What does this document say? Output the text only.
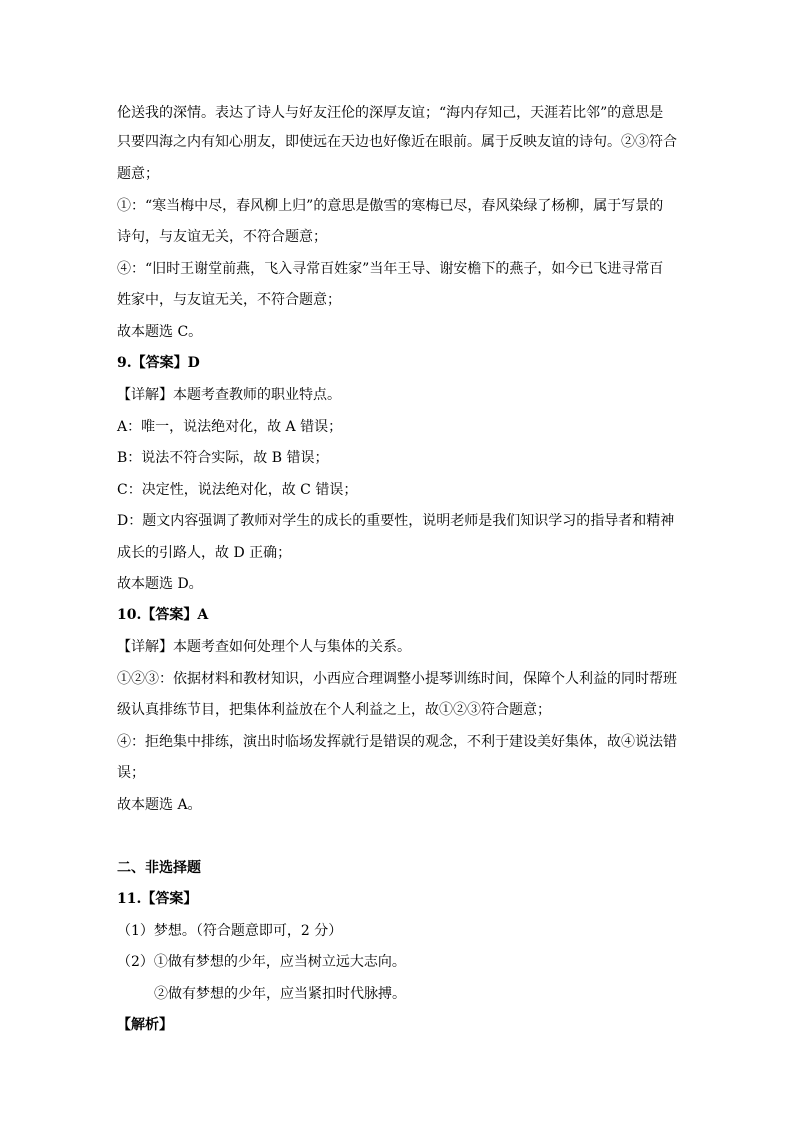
伦送我的深情。表达了诗人与好友汪伦的深厚友谊；“海内存知己，天涯若比邻”的意思是
只要四海之内有知心朋友，即使远在天边也好像近在眼前。属于反映友谊的诗句。②③符合
题意；
①：“寒当梅中尽，春风柳上归”的意思是傲雪的寒梅已尽，春风染绿了杨柳，属于写景的
诗句，与友谊无关，不符合题意；
④：“旧时王谢堂前燕，飞入寻常百姓家”当年王导、谢安檐下的燕子，如今已飞进寻常百
姓家中，与友谊无关，不符合题意；
故本题选 C。
9.【答案】D
【详解】本题考查教师的职业特点。
A：唯一，说法绝对化，故 A 错误；
B：说法不符合实际，故 B 错误；
C：决定性，说法绝对化，故 C 错误；
D：题文内容强调了教师对学生的成长的重要性，说明老师是我们知识学习的指导者和精神
成长的引路人，故 D 正确；
故本题选 D。
10.【答案】A
【详解】本题考查如何处理个人与集体的关系。
①②③：依据材料和教材知识，小西应合理调整小提琴训练时间，保障个人利益的同时帮班
级认真排练节目，把集体利益放在个人利益之上，故①②③符合题意；
④：拒绝集中排练，演出时临场发挥就行是错误的观念，不利于建设美好集体，故④说法错
误；
故本题选 A。
二、非选择题
11.【答案】
（1）梦想。（符合题意即可，2 分）
（2）①做有梦想的少年，应当树立远大志向。
②做有梦想的少年，应当紧扣时代脉搏。
【解析】
